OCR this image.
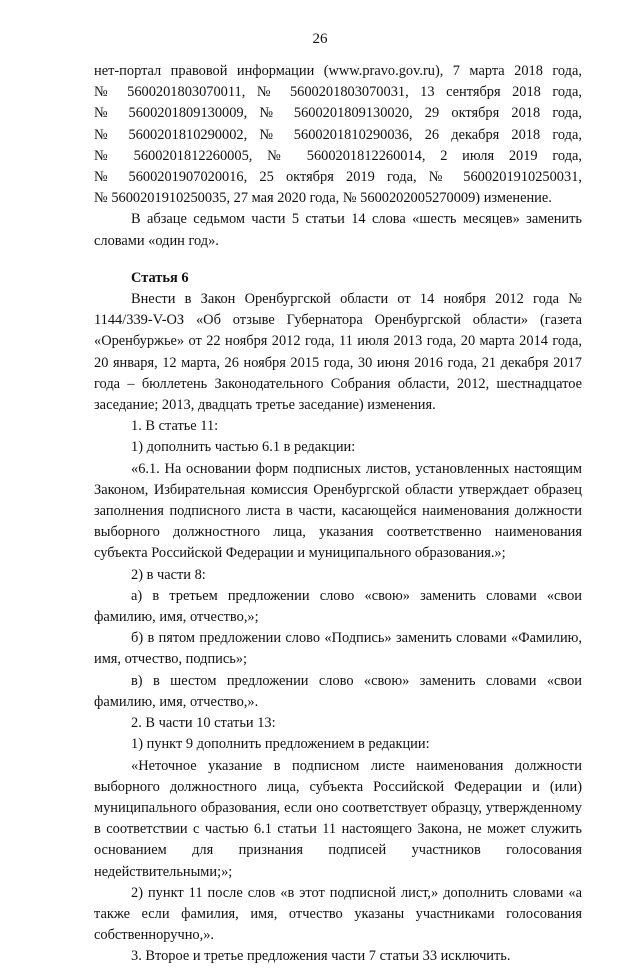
26

нет-портал правовой информации (www.pravo.gov.ru), 7 марта 2018 года,

№ 5600201803070011, № 5600201803070031, 13 сентября 2018 года,

№ 5600201809130009, № 5600201809130020, 29 октября 2018 года,

№ 5600201810290002, № 5600201810290036, 26 декабря 2018 года,

№ 5600201812260005, № 5600201812260014, 2 июля 2019 года,

№ 5600201907020016, 25 октября 2019 года, № 5600201910250031,

№ 5600201910250035, 27 мая 2020 года, № 5600202005270009) изменение.

В абзаце седьмом части 5 статьи 14 слова «шесть месяцев» заменить словами «один год».

Статья 6

Внести в Закон Оренбургской области от 14 ноября 2012 года № 1144/339-V-ОЗ «Об отзыве Губернатора Оренбургской области» (газета «Оренбуржье» от 22 ноября 2012 года, 11 июля 2013 года, 20 марта 2014 года, 20 января, 12 марта, 26 ноября 2015 года, 30 июня 2016 года, 21 декабря 2017 года – бюллетень Законодательного Собрания области, 2012, шестнадцатое заседание; 2013, двадцать третье заседание) изменения.

1. В статье 11:

1) дополнить частью 6.1 в редакции:

«6.1. На основании форм подписных листов, установленных настоящим Законом, Избирательная комиссия Оренбургской области утверждает образец заполнения подписного листа в части, касающейся наименования должности выборного должностного лица, указания соответственно наименования субъекта Российской Федерации и муниципального образования.»;

2) в части 8:

а) в третьем предложении слово «свою» заменить словами «свои фамилию, имя, отчество,»;

б) в пятом предложении слово «Подпись» заменить словами «Фамилию, имя, отчество, подпись»;

в) в шестом предложении слово «свою» заменить словами «свои фамилию, имя, отчество,».

2. В части 10 статьи 13:

1) пункт 9 дополнить предложением в редакции:

«Неточное указание в подписном листе наименования должности выборного должностного лица, субъекта Российской Федерации и (или) муниципального образования, если оно соответствует образцу, утвержденному в соответствии с частью 6.1 статьи 11 настоящего Закона, не может служить основанием для признания подписей участников голосования недействительными;»;

2) пункт 11 после слов «в этот подписной лист,» дополнить словами «а также если фамилия, имя, отчество указаны участниками голосования собственноручно,».

3. Второе и третье предложения части 7 статьи 33 исключить.
